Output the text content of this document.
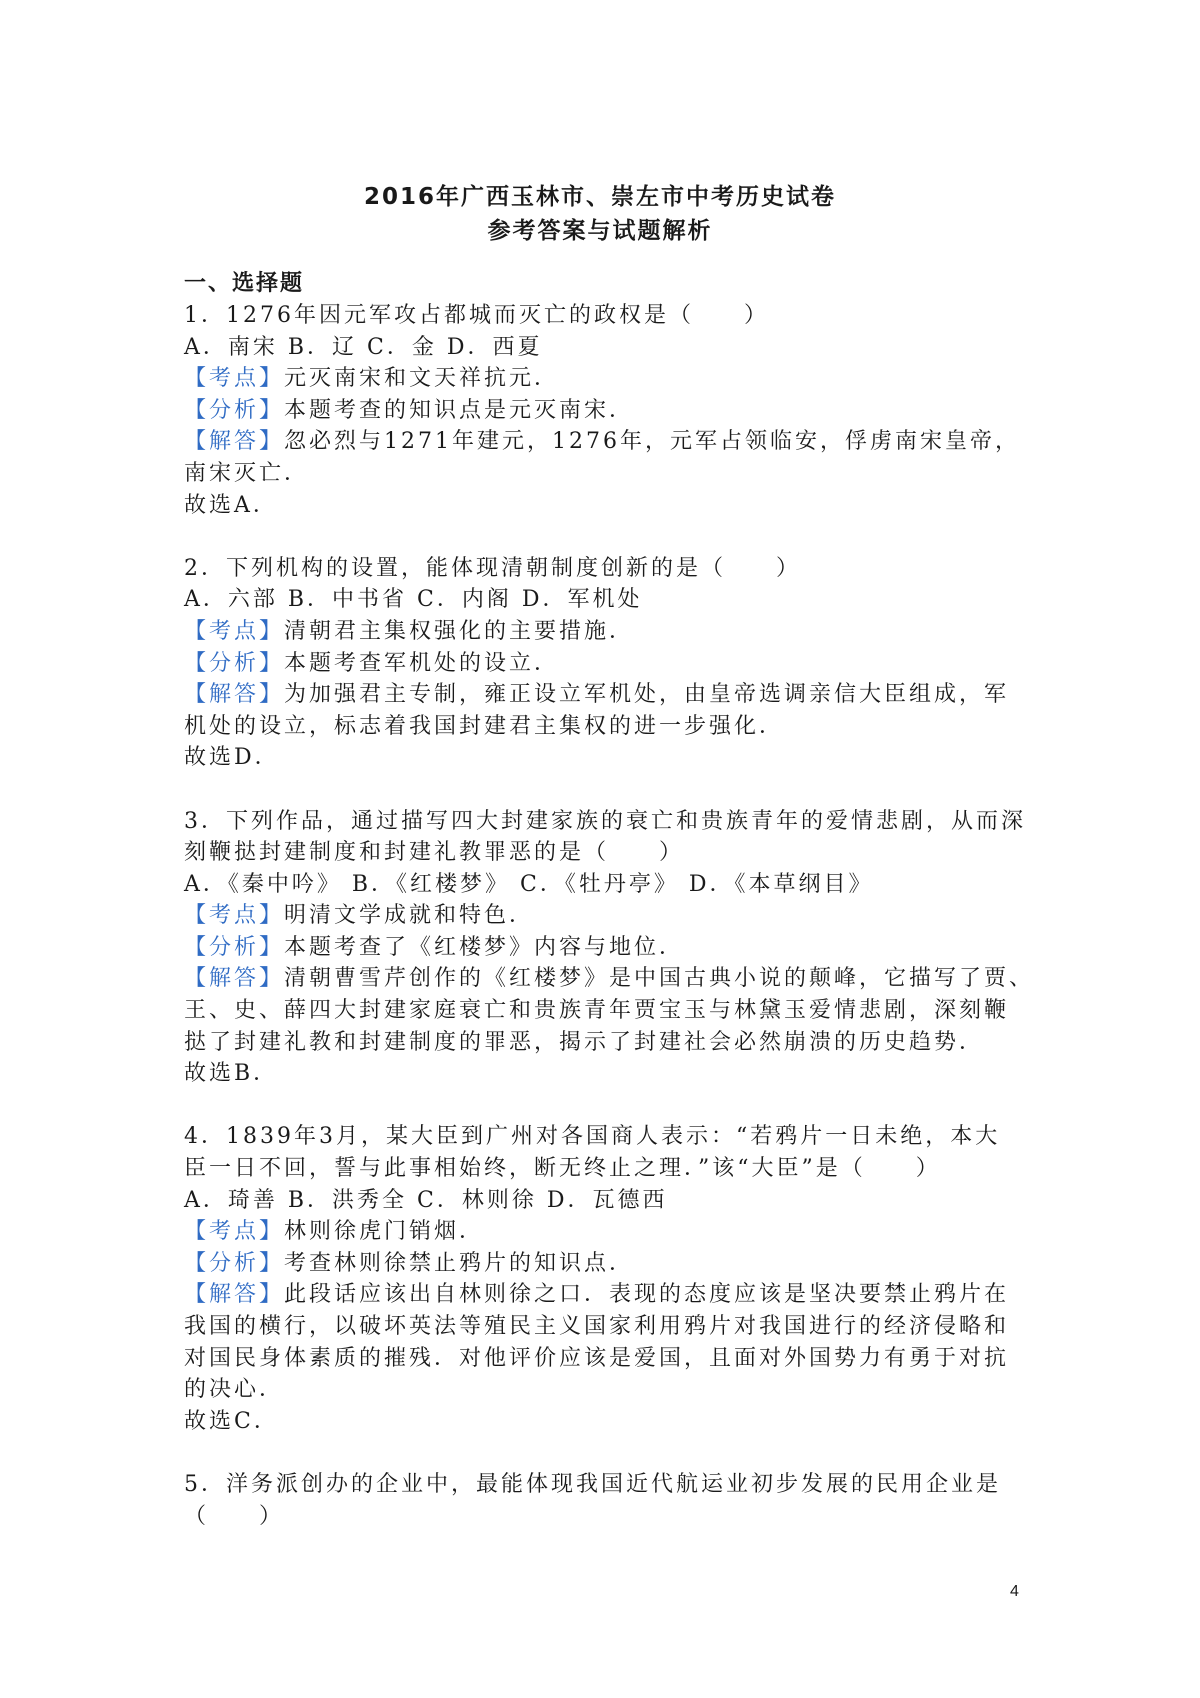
2016年广西玉林市、崇左市中考历史试卷
参考答案与试题解析
一、选择题
1．1276年因元军攻占都城而灭亡的政权是（　　）
A．南宋 B．辽 C．金 D．西夏
【考点】元灭南宋和文天祥抗元．
【分析】本题考查的知识点是元灭南宋．
【解答】忽必烈与1271年建元，1276年，元军占领临安，俘虏南宋皇帝，
南宋灭亡．
故选A．
2．下列机构的设置，能体现清朝制度创新的是（　　）
A．六部 B．中书省 C．内阁 D．军机处
【考点】清朝君主集权强化的主要措施．
【分析】本题考查军机处的设立．
【解答】为加强君主专制，雍正设立军机处，由皇帝选调亲信大臣组成，军
机处的设立，标志着我国封建君主集权的进一步强化．
故选D．
3．下列作品，通过描写四大封建家族的衰亡和贵族青年的爱情悲剧，从而深
刻鞭挞封建制度和封建礼教罪恶的是（　　）
A．《秦中吟》 B．《红楼梦》 C．《牡丹亭》 D．《本草纲目》
【考点】明清文学成就和特色．
【分析】本题考查了《红楼梦》内容与地位．
【解答】清朝曹雪芹创作的《红楼梦》是中国古典小说的颠峰，它描写了贾、
王、史、薛四大封建家庭衰亡和贵族青年贾宝玉与林黛玉爱情悲剧，深刻鞭
挞了封建礼教和封建制度的罪恶，揭示了封建社会必然崩溃的历史趋势．
故选B．
4．1839年3月，某大臣到广州对各国商人表示：“若鸦片一日未绝，本大
臣一日不回，誓与此事相始终，断无终止之理．”该“大臣”是（　　）
A．琦善 B．洪秀全 C．林则徐 D．瓦德西
【考点】林则徐虎门销烟．
【分析】考查林则徐禁止鸦片的知识点．
【解答】此段话应该出自林则徐之口．表现的态度应该是坚决要禁止鸦片在
我国的横行，以破坏英法等殖民主义国家利用鸦片对我国进行的经济侵略和
对国民身体素质的摧残．对他评价应该是爱国，且面对外国势力有勇于对抗
的决心．
故选C．
5．洋务派创办的企业中，最能体现我国近代航运业初步发展的民用企业是
（　　）
4
